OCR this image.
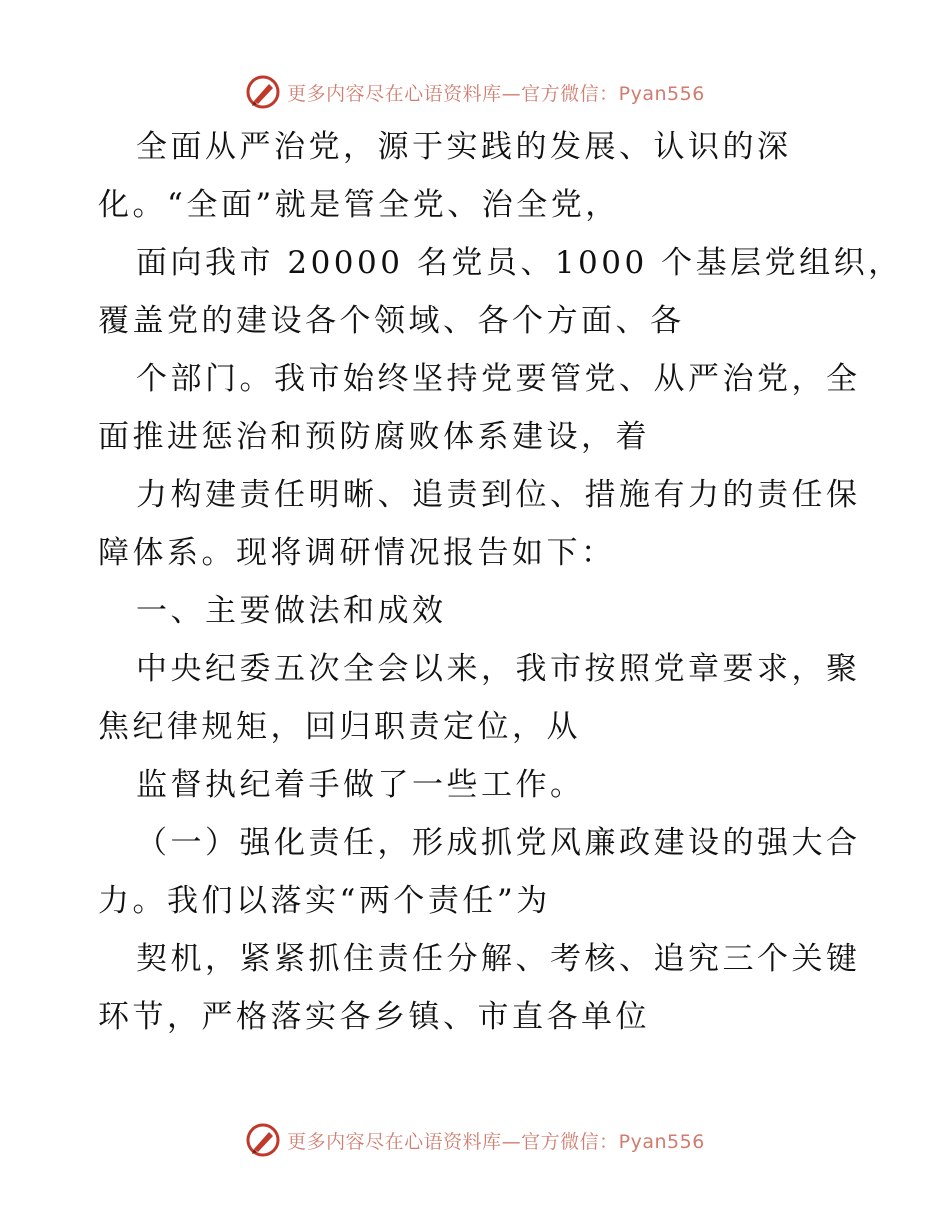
更多内容尽在心语资料库—官方微信：Pyan556
全面从严治党，源于实践的发展、认识的深
化。“全面”就是管全党、治全党，
面向我市 20000 名党员、1000 个基层党组织，
覆盖党的建设各个领域、各个方面、各
个部门。我市始终坚持党要管党、从严治党，全
面推进惩治和预防腐败体系建设，着
力构建责任明晰、追责到位、措施有力的责任保
障体系。现将调研情况报告如下：
一、主要做法和成效
中央纪委五次全会以来，我市按照党章要求，聚
焦纪律规矩，回归职责定位，从
监督执纪着手做了一些工作。
（一）强化责任，形成抓党风廉政建设的强大合
力。我们以落实“两个责任”为
契机，紧紧抓住责任分解、考核、追究三个关键
环节，严格落实各乡镇、市直各单位
更多内容尽在心语资料库—官方微信：Pyan556
